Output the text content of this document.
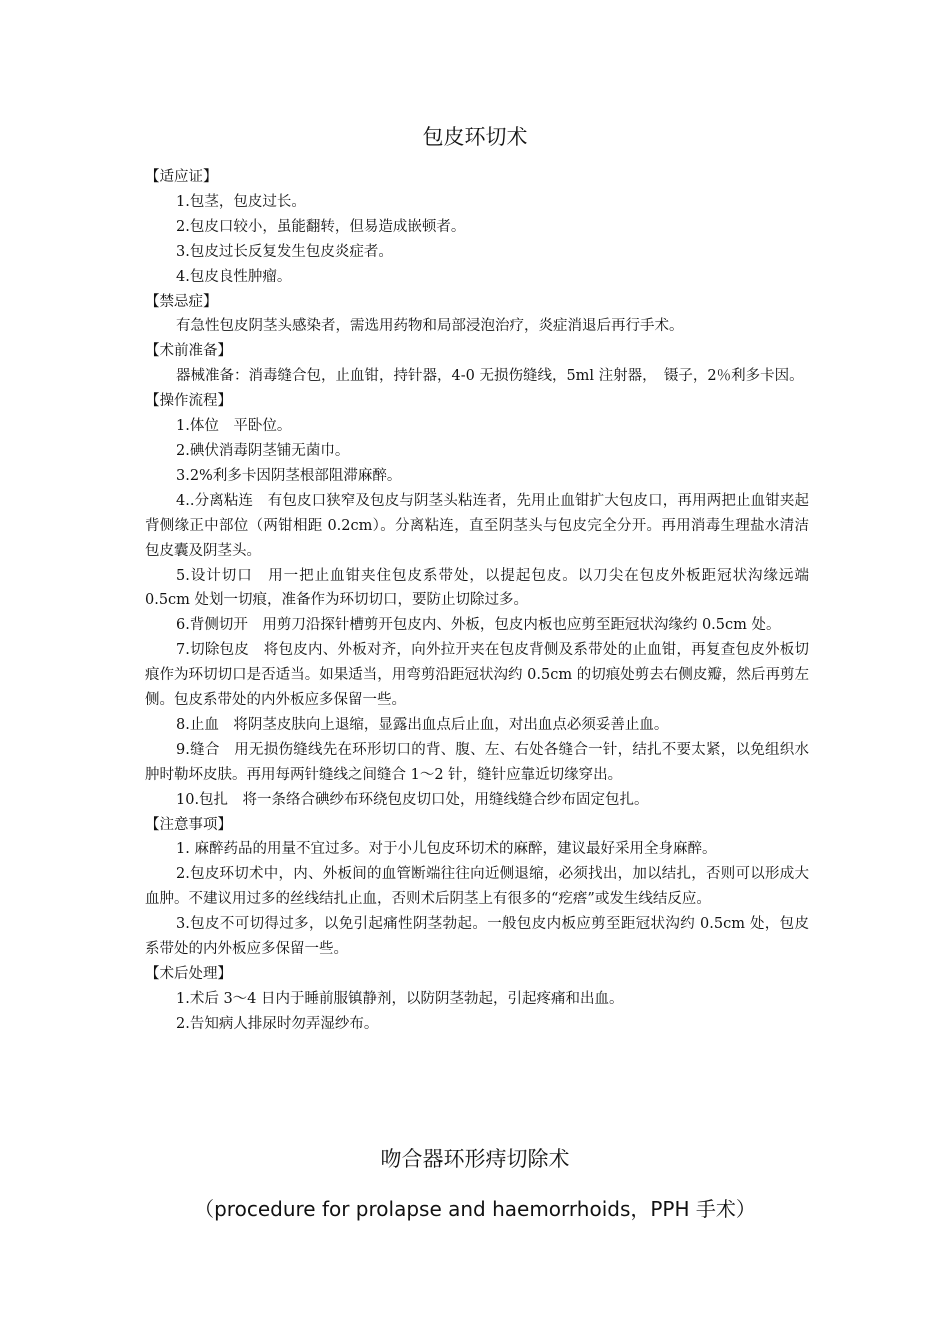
包皮环切术

【适应证】

1.包茎，包皮过长。

2.包皮口较小，虽能翻转，但易造成嵌顿者。

3.包皮过长反复发生包皮炎症者。

4.包皮良性肿瘤。

【禁忌症】

有急性包皮阴茎头感染者，需选用药物和局部浸泡治疗，炎症消退后再行手术。

【术前准备】

器械准备：消毒缝合包，止血钳，持针器，4-0 无损伤缝线，5ml 注射器，　镊子，2％利多卡因。

【操作流程】

1.体位　平卧位。

2.碘伏消毒阴茎铺无菌巾。

3.2%利多卡因阴茎根部阻滞麻醉。

4..分离粘连　有包皮口狭窄及包皮与阴茎头粘连者，先用止血钳扩大包皮口，再用两把止血钳夹起背侧缘正中部位（两钳相距 0.2cm）。分离粘连，直至阴茎头与包皮完全分开。再用消毒生理盐水清洁包皮囊及阴茎头。

5.设计切口　用一把止血钳夹住包皮系带处，以提起包皮。以刀尖在包皮外板距冠状沟缘远端 0.5cm 处划一切痕，准备作为环切切口，要防止切除过多。

6.背侧切开　用剪刀沿探针槽剪开包皮内、外板，包皮内板也应剪至距冠状沟缘约 0.5cm 处。

7.切除包皮　将包皮内、外板对齐，向外拉开夹在包皮背侧及系带处的止血钳，再复查包皮外板切痕作为环切切口是否适当。如果适当，用弯剪沿距冠状沟约 0.5cm 的切痕处剪去右侧皮瓣，然后再剪左侧。包皮系带处的内外板应多保留一些。

8.止血　将阴茎皮肤向上退缩，显露出血点后止血，对出血点必须妥善止血。

9.缝合　用无损伤缝线先在环形切口的背、腹、左、右处各缝合一针，结扎不要太紧，以免组织水肿时勒坏皮肤。再用每两针缝线之间缝合 1～2 针，缝针应靠近切缘穿出。

10.包扎　将一条络合碘纱布环绕包皮切口处，用缝线缝合纱布固定包扎。

【注意事项】

1. 麻醉药品的用量不宜过多。对于小儿包皮环切术的麻醉，建议最好采用全身麻醉。

2.包皮环切术中，内、外板间的血管断端往往向近侧退缩，必须找出，加以结扎，否则可以形成大血肿。不建议用过多的丝线结扎止血，否则术后阴茎上有很多的“疙瘩”或发生线结反应。

3.包皮不可切得过多，以免引起痛性阴茎勃起。一般包皮内板应剪至距冠状沟约 0.5cm 处，包皮系带处的内外板应多保留一些。

【术后处理】

1.术后 3～4 日内于睡前服镇静剂，以防阴茎勃起，引起疼痛和出血。

2.告知病人排尿时勿弄湿纱布。

吻合器环形痔切除术
（procedure for prolapse and haemorrhoids，PPH 手术）
